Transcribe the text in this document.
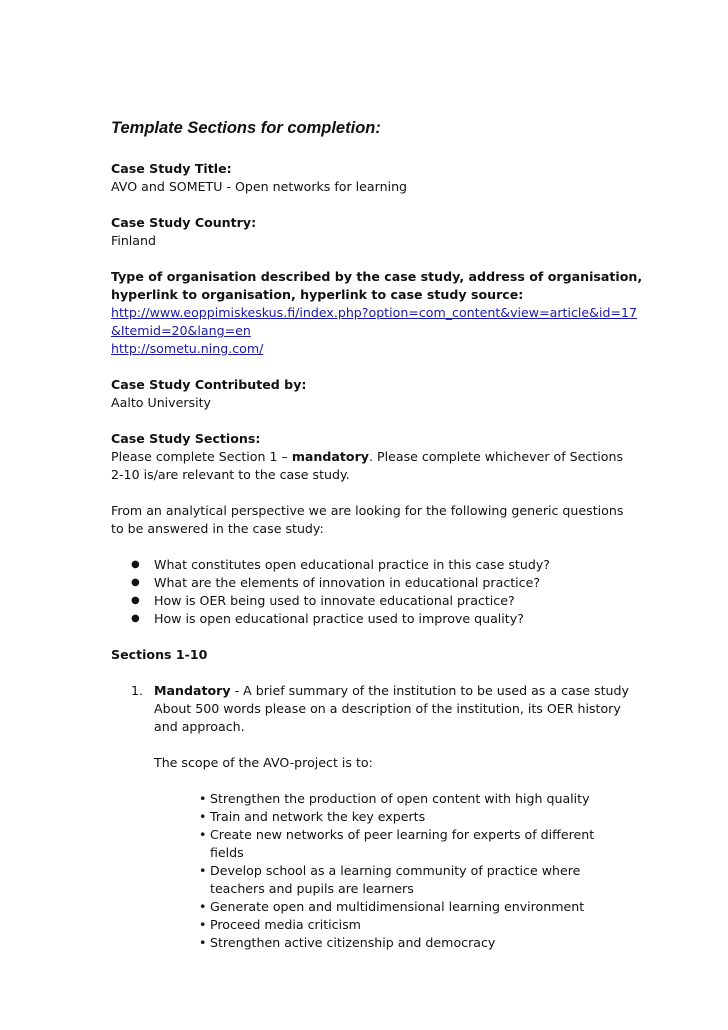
Template Sections for completion:
Case Study Title:
AVO and SOMETU - Open networks for learning
Case Study Country:
Finland
Type of organisation described by the case study, address of organisation,
hyperlink to organisation, hyperlink to case study source:
http://www.eoppimiskeskus.fi/index.php?option=com_content&view=article&id=17
&Itemid=20&lang=en
http://sometu.ning.com/
Case Study Contributed by:
Aalto University
Case Study Sections:
Please complete Section 1 – mandatory. Please complete whichever of Sections 2-10 is/are relevant to the case study.
From an analytical perspective we are looking for the following generic questions to be answered in the case study:
● What constitutes open educational practice in this case study?
● What are the elements of innovation in educational practice?
● How is OER being used to innovate educational practice?
● How is open educational practice used to improve quality?
Sections 1-10
1. Mandatory - A brief summary of the institution to be used as a case study About 500 words please on a description of the institution, its OER history and approach.
The scope of the AVO-project is to:
• Strengthen the production of open content with high quality
• Train and network the key experts
• Create new networks of peer learning for experts of different fields
• Develop school as a learning community of practice where teachers and pupils are learners
• Generate open and multidimensional learning environment
• Proceed media criticism
• Strengthen active citizenship and democracy
